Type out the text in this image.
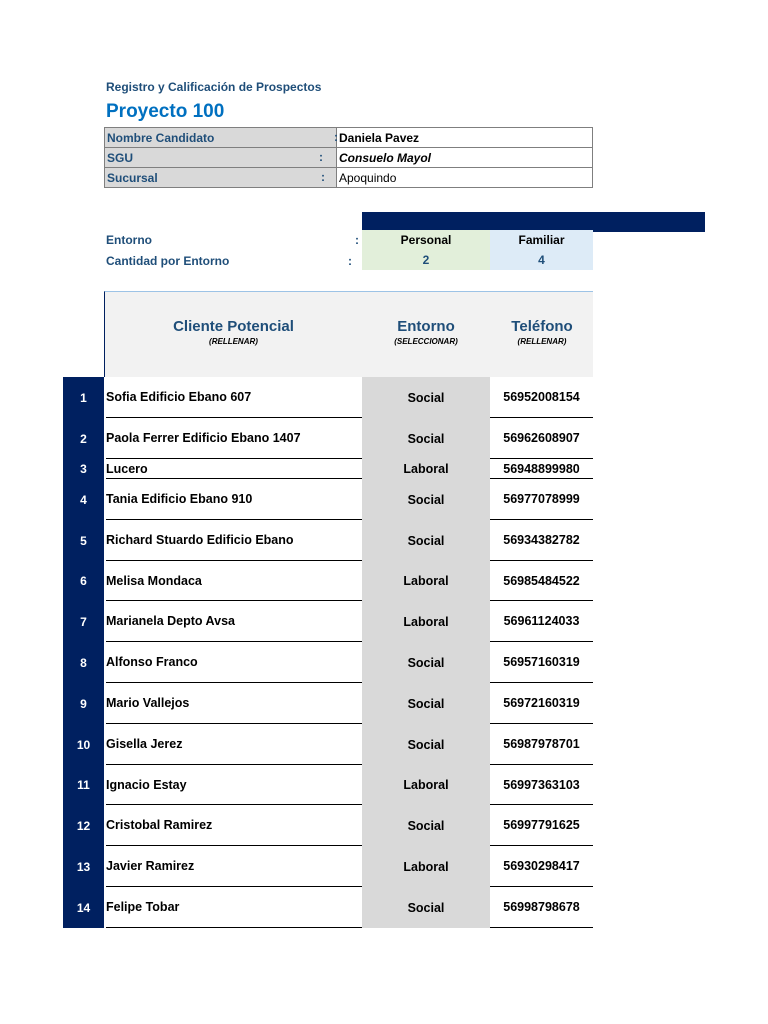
Registro y Calificación de Prospectos
Proyecto 100
Nombre Candidato :	Daniela Pavez
SGU :	Consuelo Mayol
Sucursal :	Apoquindo
Entorno	:	Personal	Familiar
Cantidad por Entorno	:	2	4
Cliente Potencial
(RELLENAR)
Entorno
(SELECCIONAR)
Teléfono
(RELLENAR)
1	Sofia Edificio Ebano 607	Social	56952008154
2	Paola Ferrer Edificio Ebano 1407	Social	56962608907
3	Lucero	Laboral	56948899980
4	Tania Edificio Ebano 910	Social	56977078999
5	Richard Stuardo Edificio Ebano	Social	56934382782
6	Melisa Mondaca	Laboral	56985484522
7	Marianela Depto Avsa	Laboral	56961124033
8	Alfonso Franco	Social	56957160319
9	Mario Vallejos	Social	56972160319
10	Gisella Jerez	Social	56987978701
11	Ignacio Estay	Laboral	56997363103
12	Cristobal Ramirez	Social	56997791625
13	Javier Ramirez	Laboral	56930298417
14	Felipe Tobar	Social	56998798678
